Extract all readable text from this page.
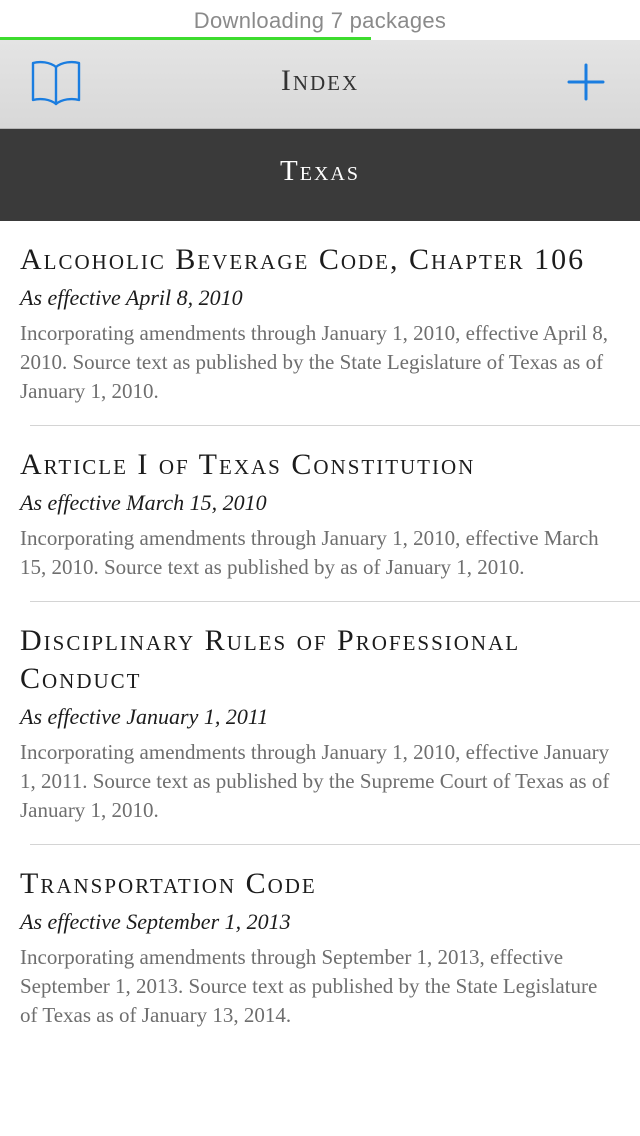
Downloading 7 packages
Index
Texas
Alcoholic Beverage Code, Chapter 106
As effective April 8, 2010
Incorporating amendments through January 1, 2010, effective April 8, 2010. Source text as published by the State Legislature of Texas as of January 1, 2010.
Article I of Texas Constitution
As effective March 15, 2010
Incorporating amendments through January 1, 2010, effective March 15, 2010. Source text as published by as of January 1, 2010.
Disciplinary Rules of Professional Conduct
As effective January 1, 2011
Incorporating amendments through January 1, 2010, effective January 1, 2011. Source text as published by the Supreme Court of Texas as of January 1, 2010.
Transportation Code
As effective September 1, 2013
Incorporating amendments through September 1, 2013, effective September 1, 2013. Source text as published by the State Legislature of Texas as of January 13, 2014.
